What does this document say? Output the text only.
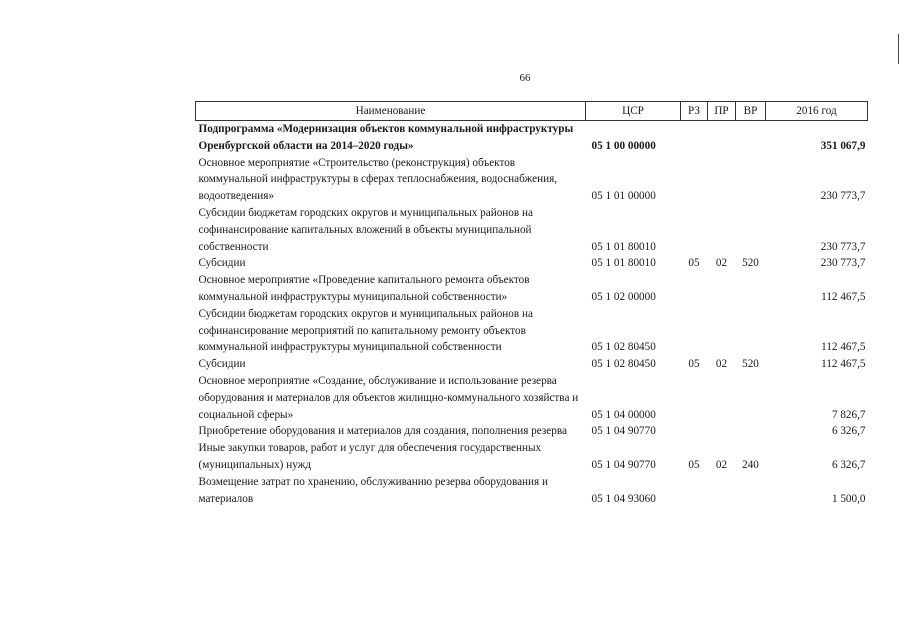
66
Наименование	ЦСР	РЗ	ПР	ВР	2016 год
Подпрограмма «Модернизация объектов коммунальной инфраструктуры Оренбургской области на 2014–2020 годы»	05 1 00 00000				351 067,9
Основное мероприятие «Строительство (реконструкция) объектов коммунальной инфраструктуры в сферах теплоснабжения, водоснабжения, водоотведения»	05 1 01 00000				230 773,7
Субсидии бюджетам городских округов и муниципальных районов на софинансирование капитальных вложений в объекты муниципальной собственности	05 1 01 80010				230 773,7
Субсидии	05 1 01 80010	05	02	520	230 773,7
Основное мероприятие «Проведение капитального ремонта объектов коммунальной инфраструктуры муниципальной собственности»	05 1 02 00000				112 467,5
Субсидии бюджетам городских округов и муниципальных районов на софинансирование мероприятий по капитальному ремонту объектов коммунальной инфраструктуры муниципальной собственности	05 1 02 80450				112 467,5
Субсидии	05 1 02 80450	05	02	520	112 467,5
Основное мероприятие «Создание, обслуживание и использование резерва оборудования и материалов для объектов жилищно-коммунального хозяйства и социальной сферы»	05 1 04 00000				7 826,7
Приобретение оборудования и материалов для создания, пополнения резерва	05 1 04 90770				6 326,7
Иные закупки товаров, работ и услуг для обеспечения государственных (муниципальных) нужд	05 1 04 90770	05	02	240	6 326,7
Возмещение затрат по хранению, обслуживанию резерва оборудования и материалов	05 1 04 93060				1 500,0
